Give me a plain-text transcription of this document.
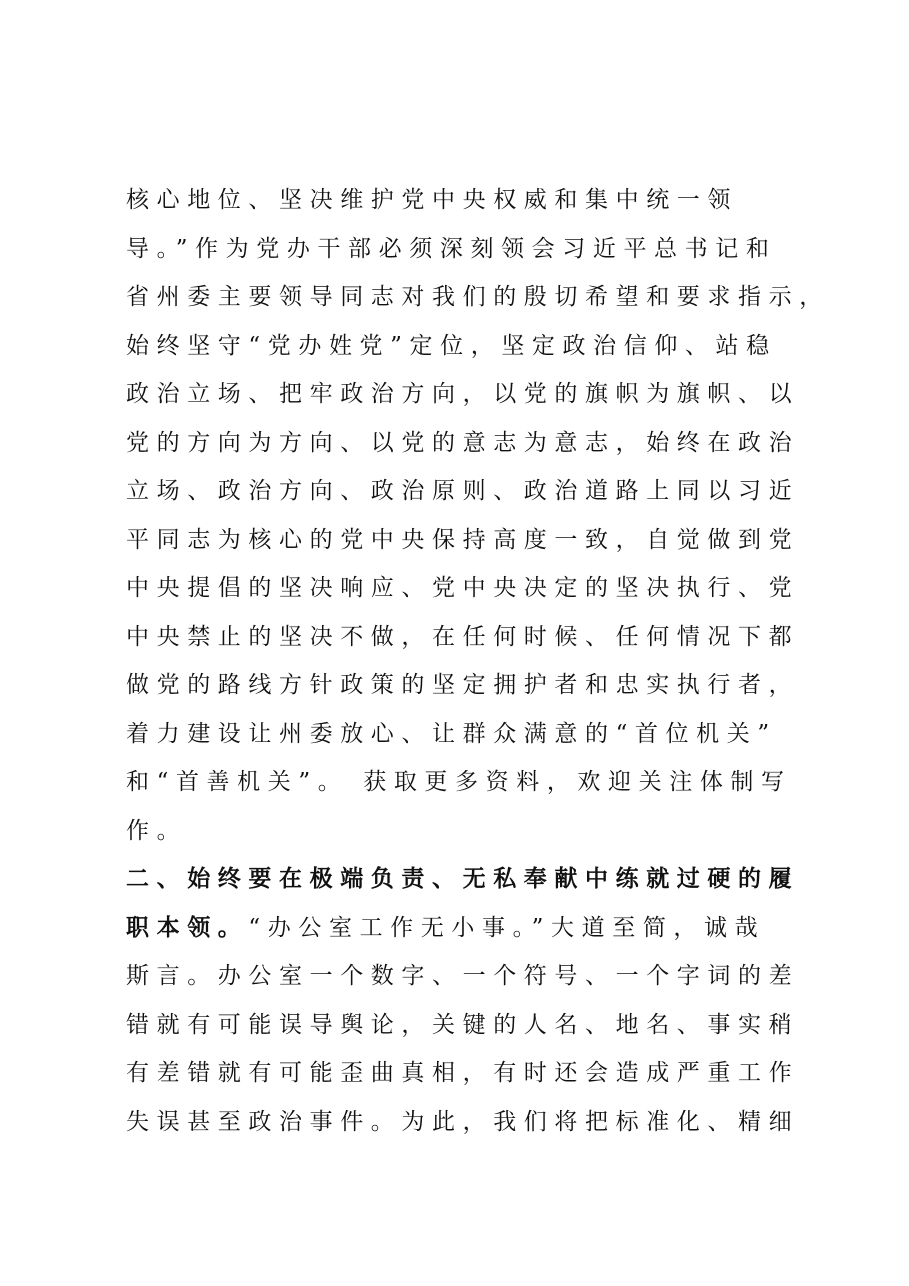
核心地位、坚决维护党中央权威和集中统一领
导。”作为党办干部必须深刻领会习近平总书记和
省州委主要领导同志对我们的殷切希望和要求指示，
始终坚守“党办姓党”定位，坚定政治信仰、站稳
政治立场、把牢政治方向，以党的旗帜为旗帜、以
党的方向为方向、以党的意志为意志，始终在政治
立场、政治方向、政治原则、政治道路上同以习近
平同志为核心的党中央保持高度一致，自觉做到党
中央提倡的坚决响应、党中央决定的坚决执行、党
中央禁止的坚决不做，在任何时候、任何情况下都
做党的路线方针政策的坚定拥护者和忠实执行者，
着力建设让州委放心、让群众满意的“首位机关”
和“首善机关”。 获取更多资料，欢迎关注体制写
作。
二、始终要在极端负责、无私奉献中练就过硬的履
职本领。“办公室工作无小事。”大道至简，诚哉
斯言。办公室一个数字、一个符号、一个字词的差
错就有可能误导舆论，关键的人名、地名、事实稍
有差错就有可能歪曲真相，有时还会造成严重工作
失误甚至政治事件。为此，我们将把标准化、精细
